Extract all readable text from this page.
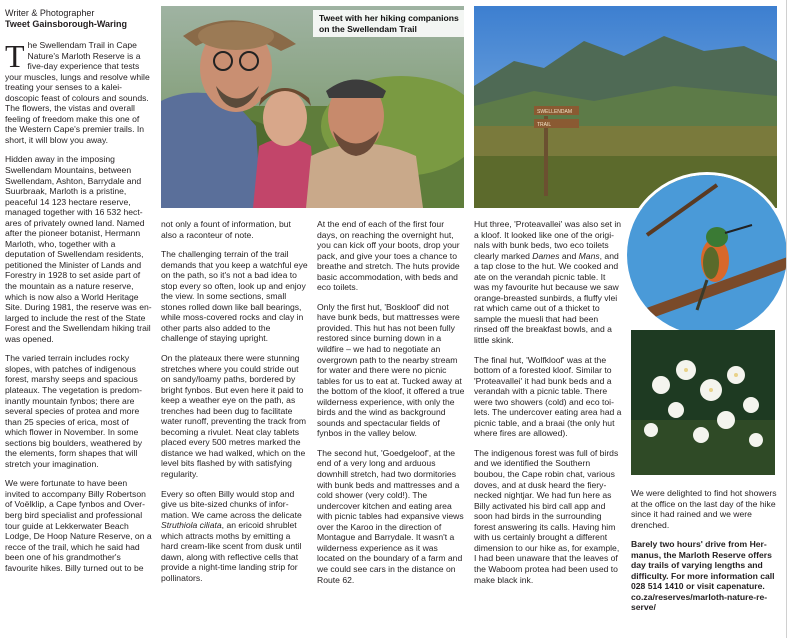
Writer & Photographer
Tweet Gainsborough-Waring

The Swellendam Trail in Cape Nature's Marloth Reserve is a five-day experience that tests your muscles, lungs and resolve while treating your senses to a kaleidoscopic feast of colours and sounds. The flowers, the vistas and overall feeling of freedom make this one of the Western Cape's premier trails. In short, it will blow you away.

Hidden away in the imposing Swellendam Mountains, between Swellendam, Ashton, Barrydale and Suurbraak, Marloth is a pristine, peaceful 14 123 hectare reserve, managed together with 16 532 hectares of privately owned land. Named after the pioneer botanist, Hermann Marloth, who, together with a deputation of Swellendam residents, petitioned the Minister of Lands and Forestry in 1928 to set aside part of the mountain as a nature reserve, which is now also a World Heritage Site. During 1981, the reserve was enlarged to include the rest of the State Forest and the Swellendam hiking trail was opened.

The varied terrain includes rocky slopes, with patches of indigenous forest, marshy seeps and spacious plateaux. The vegetation is predominantly mountain fynbos; there are several species of protea and more than 25 species of erica, most of which flower in November. In some sections big boulders, weathered by the elements, form shapes that will stretch your imagination.

We were fortunate to have been invited to accompany Billy Robertson of Voëlklip, a Cape fynbos and Overberg bird specialist and professional tour guide at Lekkerwater Beach Lodge, De Hoop Nature Reserve, on a recce of the trail, which he said had been one of his grandmother's favourite hikes. Billy turned out to be

Tweet with her hiking companions on the Swellendam Trail
SWELLENDAM
TRAIL

not only a fount of information, but also a raconteur of note.

The challenging terrain of the trail demands that you keep a watchful eye on the path, so it's not a bad idea to stop every so often, look up and enjoy the view. In some sections, small stones rolled down like ball bearings, while moss-covered rocks and clay in other parts also added to the challenge of staying upright.

On the plateaux there were stunning stretches where you could stride out on sandy/loamy paths, bordered by bright fynbos. But even here it paid to keep a weather eye on the path, as trenches had been dug to facilitate water runoff, preventing the track from becoming a rivulet. Neat clay tablets placed every 500 metres marked the distance we had walked, which on the level bits flashed by with satisfying regularity.

Every so often Billy would stop and give us bite-sized chunks of information. We came across the delicate Struthiola ciliata, an ericoid shrublet which attracts moths by emitting a hard cream-like scent from dusk until dawn, along with reflective cells that provide a night-time landing strip for pollinators.

At the end of each of the first four days, on reaching the overnight hut, you can kick off your boots, drop your pack, and give your toes a chance to breathe and stretch. The huts provide basic accommodation, with beds and eco toilets.

Only the first hut, 'Boskloof' did not have bunk beds, but mattresses were provided. This hut has not been fully restored since burning down in a wildfire – we had to negotiate an overgrown path to the nearby stream for water and there were no picnic tables for us to eat at. Tucked away at the bottom of the kloof, it offered a true wilderness experience, with only the birds and the wind as background sounds and spectacular fields of fynbos in the valley below.

The second hut, 'Goedgeloof', at the end of a very long and arduous downhill stretch, had two dormitories with bunk beds and mattresses and a cold shower (very cold!). The undercover kitchen and eating area with picnic tables had expansive views over the Karoo in the direction of Montague and Barrydale. It wasn't a wilderness experience as it was located on the boundary of a farm and we could see cars in the distance on Route 62.

Hut three, 'Proteavallei' was also set in a kloof. It looked like one of the originals with bunk beds, two eco toilets clearly marked Dames and Mans, and a tap close to the hut. We cooked and ate on the verandah picnic table. It was my favourite hut because we saw orange-breasted sunbirds, a fluffy vlei rat which came out of a thicket to sample the muesli that had been rinsed off the breakfast bowls, and a little skink.

The final hut, 'Wolfkloof' was at the bottom of a forested kloof. Similar to 'Proteavallei' it had bunk beds and a verandah with a picnic table. There were two showers (cold) and eco toilets. The undercover eating area had a picnic table, and a braai (the only hut where fires are allowed).

The indigenous forest was full of birds and we identified the Southern boubou, the Cape robin chat, various doves, and at dusk heard the fiery-necked nightjar. We had fun here as Billy activated his bird call app and soon had birds in the surrounding forest answering its calls. Having him with us certainly brought a different dimension to our hike as, for example, I had been unaware that the leaves of the Waboom protea had been used to make black ink.

We were delighted to find hot showers at the office on the last day of the hike since it had rained and we were drenched.

Barely two hours' drive from Hermanus, the Marloth Reserve offers day trails of varying lengths and difficulty. For more information call 028 514 1410 or visit capenature. co.za/reserves/marloth-nature-reserve/
